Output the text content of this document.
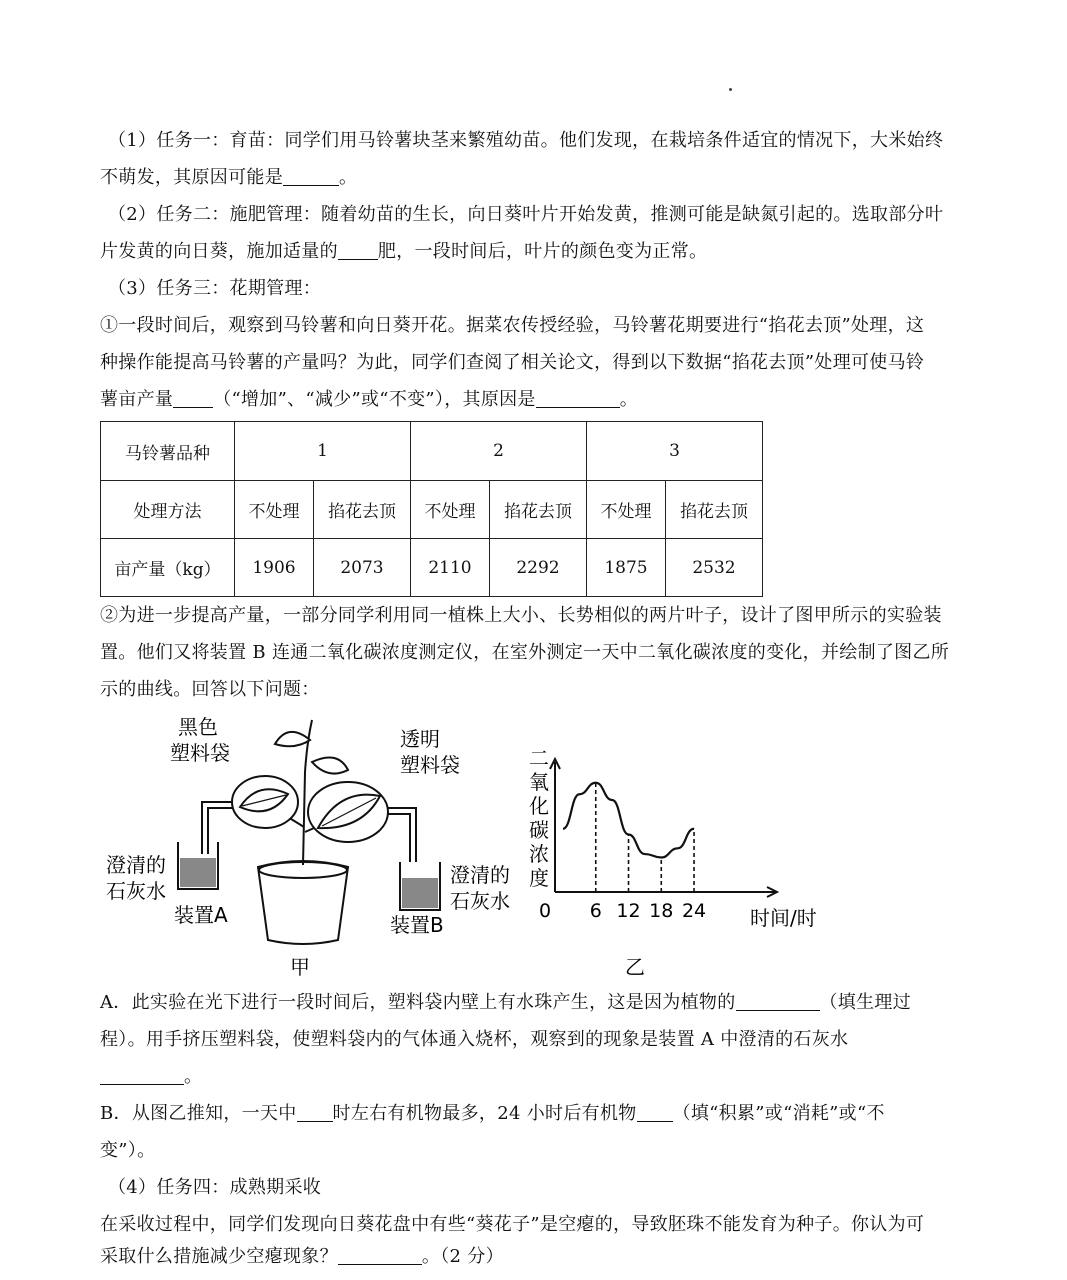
（1）任务一：育苗：同学们用马铃薯块茎来繁殖幼苗。他们发现，在栽培条件适宜的情况下，大米始终

不萌发，其原因可能是	。

（2）任务二：施肥管理：随着幼苗的生长，向日葵叶片开始发黄，推测可能是缺氮引起的。选取部分叶

片发黄的向日葵，施加适量的 肥，一段时间后，叶片的颜色变为正常。

（3）任务三：花期管理：

①一段时间后，观察到马铃薯和向日葵开花。据菜农传授经验，马铃薯花期要进行“掐花去顶”处理，这

种操作能提高马铃薯的产量吗？为此，同学们查阅了相关论文，得到以下数据“掐花去顶”处理可使马铃

薯亩产量 （“增加”、“减少”或“不变”），其原因是	。

马铃薯品种	1		2		3	
处理方法	不处理	掐花去顶	不处理	掐花去顶	不处理	掐花去顶
亩产量（kg）	1906	2073	2110	2292	1875	2532

②为进一步提高产量，一部分同学利用同一植株上大小、长势相似的两片叶子，设计了图甲所示的实验装

置。他们又将装置 B 连通二氧化碳浓度测定仪，在室外测定一天中二氧化碳浓度的变化，并绘制了图乙所

示的曲线。回答以下问题：

黑色
塑料袋
透明
塑料袋
澄清的
石灰水
装置A
澄清的
石灰水
装置B
甲	乙
二
氧
化
碳
浓
度
0 6 12 18 24 时间/时

A．此实验在光下进行一段时间后，塑料袋内壁上有水珠产生，这是因为植物的	（填生理过

程）。用手挤压塑料袋，使塑料袋内的气体通入烧杯，观察到的现象是装置 A 中澄清的石灰水

。

B．从图乙推知，一天中 时左右有机物最多，24 小时后有机物 （填“积累”或“消耗”或“不

变”）。

（4）任务四：成熟期采收

在采收过程中，同学们发现向日葵花盘中有些“葵花子”是空瘪的，导致胚珠不能发育为种子。你认为可

采取什么措施减少空瘪现象？	。（2 分）
